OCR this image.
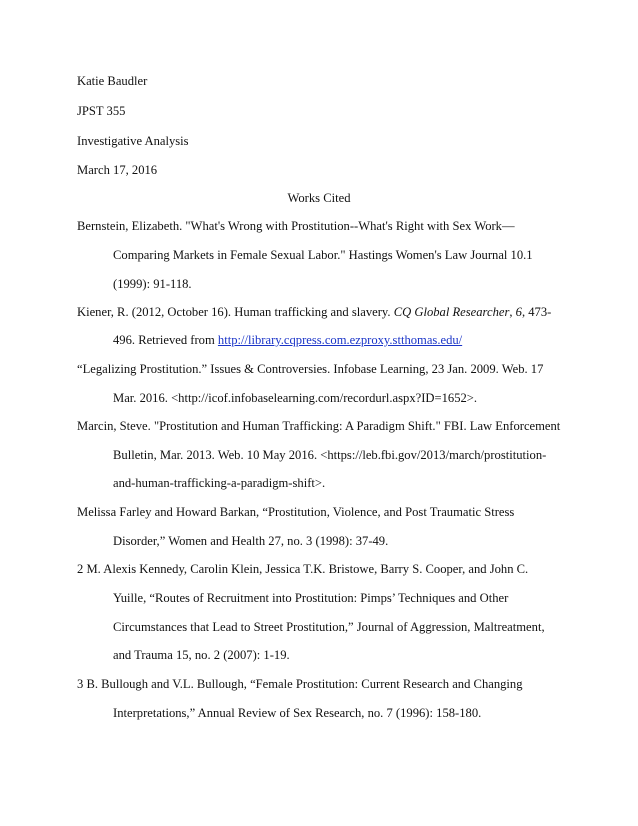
Katie Baudler
JPST 355
Investigative Analysis
March 17, 2016
Works Cited
Bernstein, Elizabeth. "What's Wrong with Prostitution--What's Right with Sex Work—
Comparing Markets in Female Sexual Labor." Hastings Women's Law Journal 10.1
(1999): 91-118.
Kiener, R. (2012, October 16). Human trafficking and slavery. CQ Global Researcher, 6, 473-
496. Retrieved from http://library.cqpress.com.ezproxy.stthomas.edu/
“Legalizing Prostitution.” Issues & Controversies. Infobase Learning, 23 Jan. 2009. Web. 17
Mar. 2016. <http://icof.infobaselearning.com/recordurl.aspx?ID=1652>.
Marcin, Steve. "Prostitution and Human Trafficking: A Paradigm Shift." FBI. Law Enforcement
Bulletin, Mar. 2013. Web. 10 May 2016. <https://leb.fbi.gov/2013/march/prostitution-
and-human-trafficking-a-paradigm-shift>.
Melissa Farley and Howard Barkan, “Prostitution, Violence, and Post Traumatic Stress
Disorder,” Women and Health 27, no. 3 (1998): 37-49.
2 M. Alexis Kennedy, Carolin Klein, Jessica T.K. Bristowe, Barry S. Cooper, and John C.
Yuille, “Routes of Recruitment into Prostitution: Pimps’ Techniques and Other
Circumstances that Lead to Street Prostitution,” Journal of Aggression, Maltreatment,
and Trauma 15, no. 2 (2007): 1-19.
3 B. Bullough and V.L. Bullough, “Female Prostitution: Current Research and Changing
Interpretations,” Annual Review of Sex Research, no. 7 (1996): 158-180.
